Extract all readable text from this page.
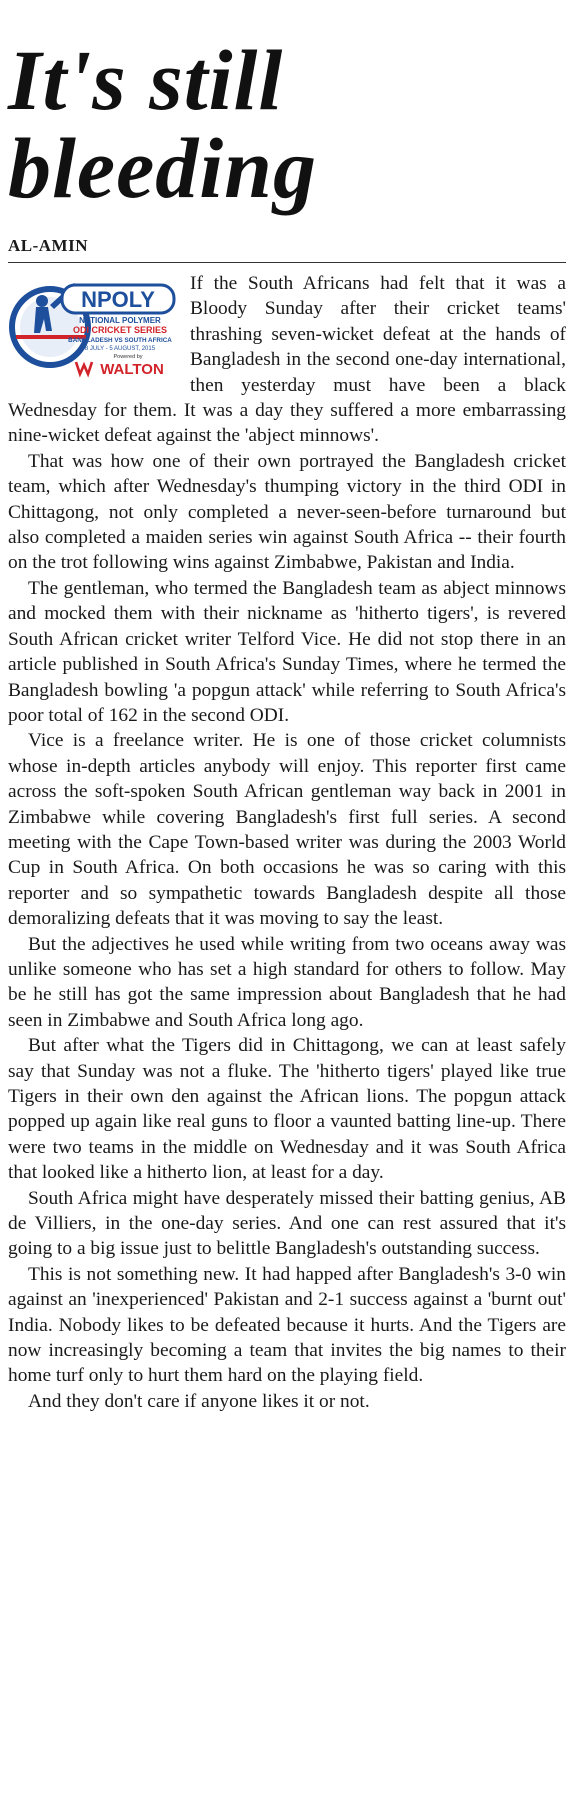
It's still
bleeding
AL-AMIN
NPOLY
NATIONAL POLYMER
ODI CRICKET SERIES
BANGLADESH VS SOUTH AFRICA
8 JULY - 5 AUGUST, 2015
Powered by
WALTON

If the South Africans had felt that it was a Bloody Sunday after their cricket teams' thrashing seven-wicket defeat at the hands of Bangladesh in the second one-day international, then yesterday must have been a black Wednesday for them. It was a day they suffered a more embarrassing nine-wicket defeat against the 'abject minnows'.

That was how one of their own portrayed the Bangladesh cricket team, which after Wednesday's thumping victory in the third ODI in Chittagong, not only completed a never-seen-before turnaround but also completed a maiden series win against South Africa -- their fourth on the trot following wins against Zimbabwe, Pakistan and India.

The gentleman, who termed the Bangladesh team as abject minnows and mocked them with their nickname as 'hitherto tigers', is revered South African cricket writer Telford Vice. He did not stop there in an article published in South Africa's Sunday Times, where he termed the Bangladesh bowling 'a popgun attack' while referring to South Africa's poor total of 162 in the second ODI.

Vice is a freelance writer. He is one of those cricket columnists whose in-depth articles anybody will enjoy. This reporter first came across the soft-spoken South African gentleman way back in 2001 in Zimbabwe while covering Bangladesh's first full series. A second meeting with the Cape Town-based writer was during the 2003 World Cup in South Africa. On both occasions he was so caring with this reporter and so sympathetic towards Bangladesh despite all those demoralizing defeats that it was moving to say the least.

But the adjectives he used while writing from two oceans away was unlike someone who has set a high standard for others to follow. May be he still has got the same impression about Bangladesh that he had seen in Zimbabwe and South Africa long ago.

But after what the Tigers did in Chittagong, we can at least safely say that Sunday was not a fluke. The 'hitherto tigers' played like true Tigers in their own den against the African lions. The popgun attack popped up again like real guns to floor a vaunted batting line-up. There were two teams in the middle on Wednesday and it was South Africa that looked like a hitherto lion, at least for a day.

South Africa might have desperately missed their batting genius, AB de Villiers, in the one-day series. And one can rest assured that it's going to a big issue just to belittle Bangladesh's outstanding success.

This is not something new. It had happed after Bangladesh's 3-0 win against an 'inexperienced' Pakistan and 2-1 success against a 'burnt out' India. Nobody likes to be defeated because it hurts. And the Tigers are now increasingly becoming a team that invites the big names to their home turf only to hurt them hard on the playing field.

And they don't care if anyone likes it or not.
